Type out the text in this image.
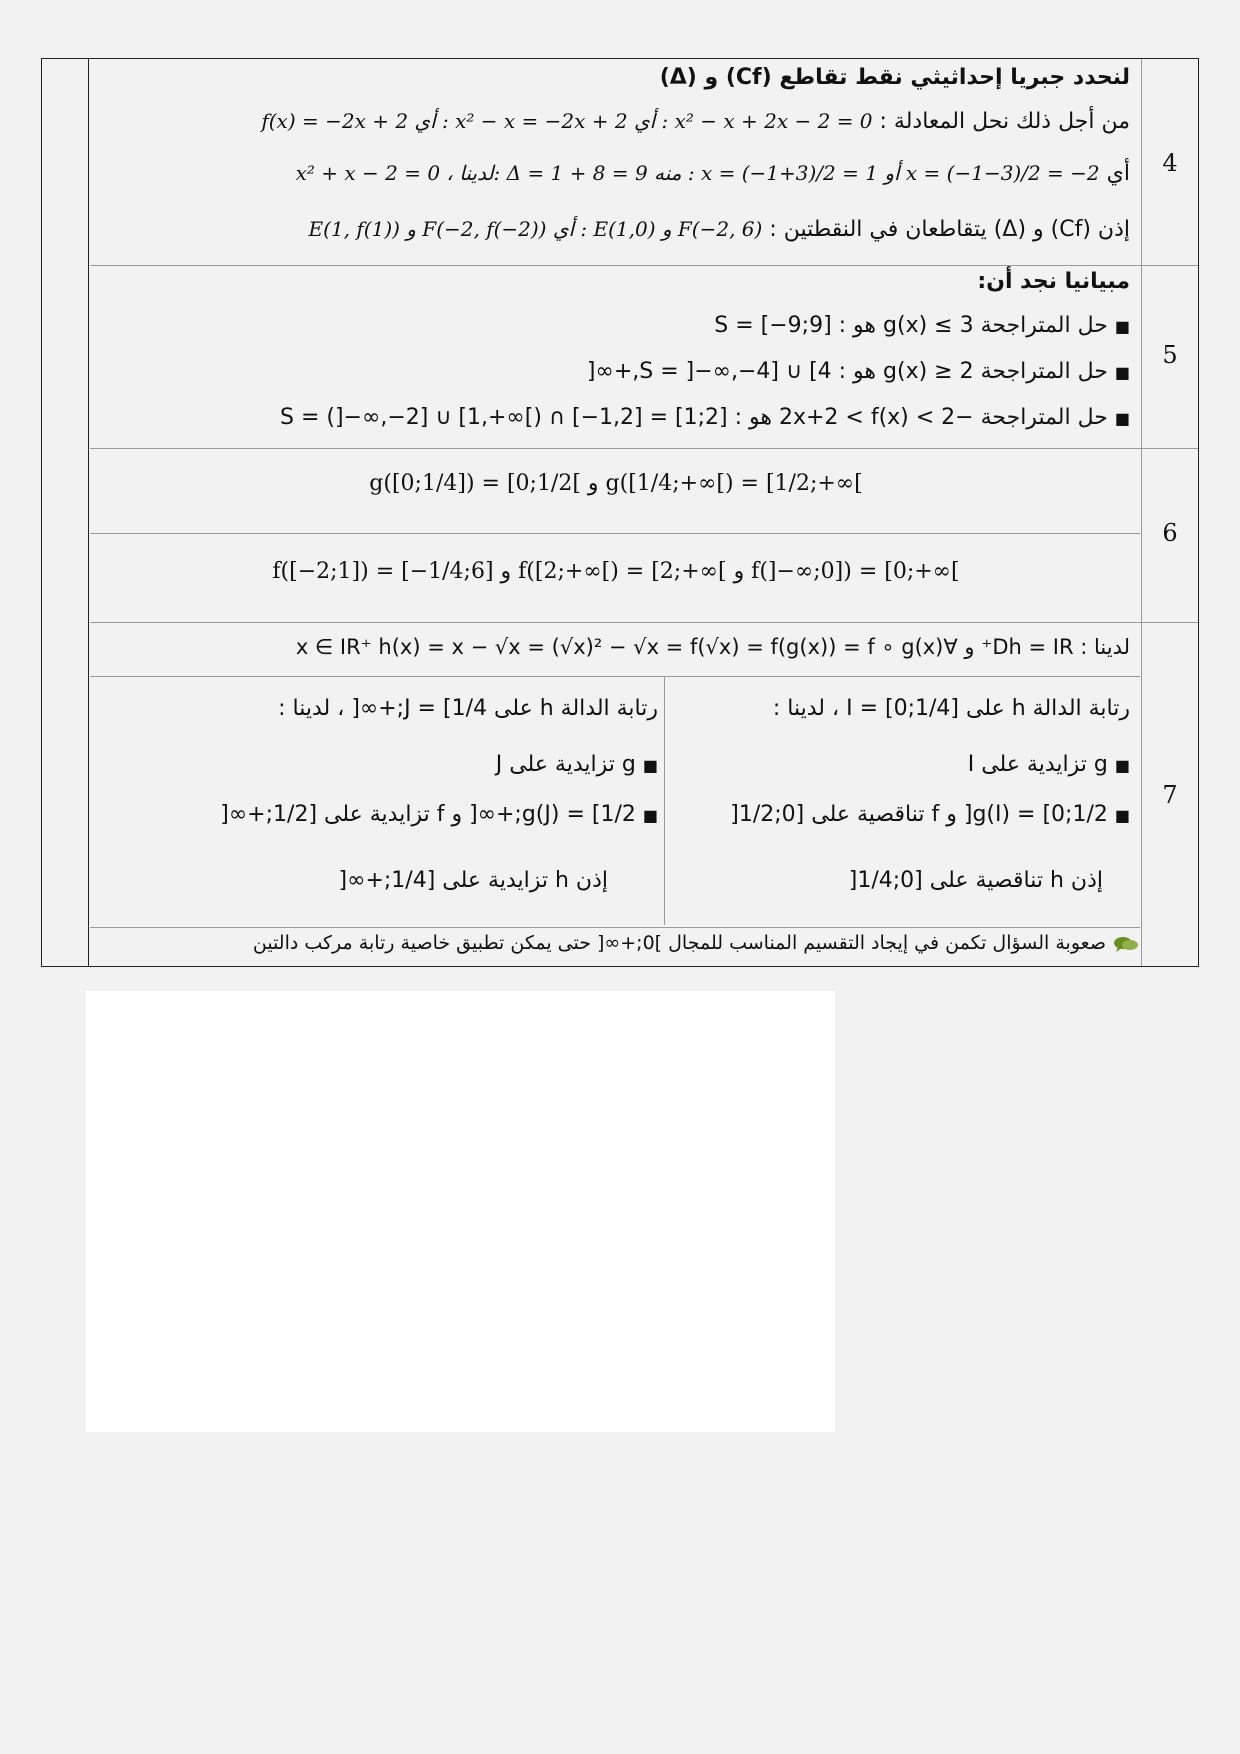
4
لنحدد جبريا إحداثيثي نقط تقاطع (Cf) و (Δ)
من أجل ذلك نحل المعادلة : f(x) = −2x + 2 أي : x² − x = −2x + 2 أي : x² − x + 2x − 2 = 0
أي x² + x − 2 = 0 ، لدينا: Δ = 1 + 8 = 9 منه : x = (−1+3)/2 = 1 أو x = (−1−3)/2 = −2
إذن (Cf) و (Δ) يتقاطعان في النقطتين : E(1, f(1)) و F(−2, f(−2)) أي : E(1,0) و F(−2, 6)
5
مبيانيا نجد أن:
■ حل المتراجحة g(x) ≤ 3 هو : S = [−9;9]
■ حل المتراجحة g(x) ≥ 2 هو : S = ]−∞,−4] ∪ [4,+∞[
■ حل المتراجحة −2x+2 < f(x) < 2 هو : S = (]−∞,−2] ∪ [1,+∞[) ∩ [−1,2] = [1;2]
6
g([0;1/4]) = [0;1/2[ و g([1/4;+∞[) = [1/2;+∞[
f([−2;1]) = [−1/4;6] و f([2;+∞[) = [2;+∞[ و f(]−∞;0]) = [0;+∞[
7
لدينا : Dh = IR⁺ و ∀x ∈ IR⁺ h(x) = x − √x = (√x)² − √x = f(√x) = f(g(x)) = f ∘ g(x)
رتابة الدالة h على I = [0;1/4] ، لدينا :
■ g تزايدية على I
■ g(I) = [0;1/2[ و f تناقصية على [0;1/2[
إذن h تناقصية على [0;1/4[
رتابة الدالة h على J = [1/4;+∞[ ، لدينا :
■ g تزايدية على J
■ g(J) = [1/2;+∞[ و f تزايدية على [1/2;+∞[
إذن h تزايدية على [1/4;+∞[
صعوبة السؤال تكمن في إيجاد التقسيم المناسب للمجال ]0;+∞[ حتى يمكن تطبيق خاصية رتابة مركب دالتين
